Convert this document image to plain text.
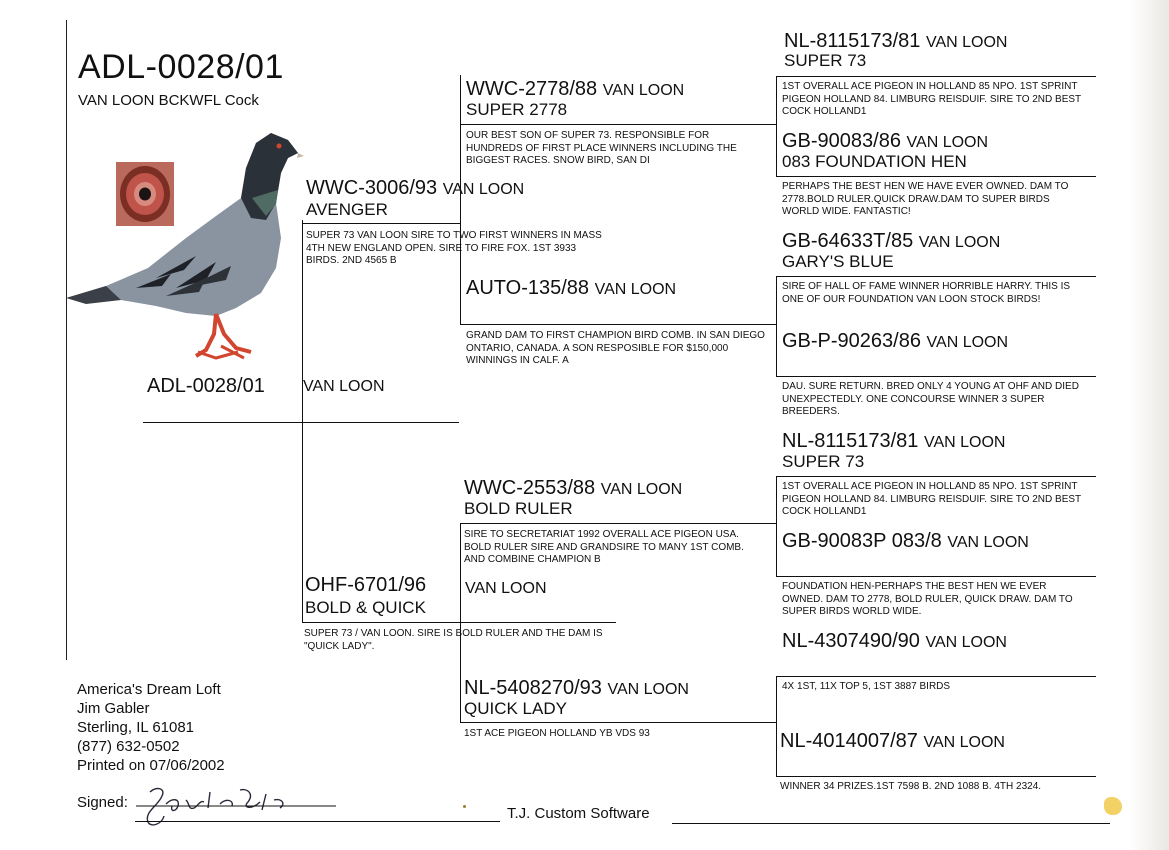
ADL-0028/01
VAN LOON BCKWFL Cock
ADL-0028/01 VAN LOON
WWC-3006/93 VAN LOON
AVENGER
SUPER 73 VAN LOON SIRE TO TWO FIRST WINNERS IN MASS 4TH NEW ENGLAND OPEN. SIRE TO FIRE FOX. 1ST 3933 BIRDS. 2ND 4565 B
OHF-6701/96
BOLD & QUICK
SUPER 73 / VAN LOON. SIRE IS BOLD RULER AND THE DAM IS "QUICK LADY".
WWC-2778/88 VAN LOON
SUPER 2778
OUR BEST SON OF SUPER 73. RESPONSIBLE FOR HUNDREDS OF FIRST PLACE WINNERS INCLUDING THE BIGGEST RACES. SNOW BIRD, SAN DI
AUTO-135/88 VAN LOON
GRAND DAM TO FIRST CHAMPION BIRD COMB. IN SAN DIEGO ONTARIO, CANADA. A SON RESPOSIBLE FOR $150,000 WINNINGS IN CALF. A
WWC-2553/88 VAN LOON
BOLD RULER
SIRE TO SECRETARIAT 1992 OVERALL ACE PIGEON USA. BOLD RULER SIRE AND GRANDSIRE TO MANY 1ST COMB. AND COMBINE CHAMPION B
VAN LOON
NL-5408270/93 VAN LOON
QUICK LADY
1ST ACE PIGEON HOLLAND YB VDS 93
NL-8115173/81 VAN LOON
SUPER 73
1ST OVERALL ACE PIGEON IN HOLLAND 85 NPO. 1ST SPRINT PIGEON HOLLAND 84. LIMBURG REISDUIF. SIRE TO 2ND BEST COCK HOLLAND1
GB-90083/86 VAN LOON
083 FOUNDATION HEN
PERHAPS THE BEST HEN WE HAVE EVER OWNED. DAM TO 2778.BOLD RULER.QUICK DRAW.DAM TO SUPER BIRDS WORLD WIDE. FANTASTIC!
GB-64633T/85 VAN LOON
GARY'S BLUE
SIRE OF HALL OF FAME WINNER HORRIBLE HARRY. THIS IS ONE OF OUR FOUNDATION VAN LOON STOCK BIRDS!
GB-P-90263/86 VAN LOON
DAU. SURE RETURN. BRED ONLY 4 YOUNG AT OHF AND DIED UNEXPECTEDLY. ONE CONCOURSE WINNER 3 SUPER BREEDERS.
NL-8115173/81 VAN LOON
SUPER 73
1ST OVERALL ACE PIGEON IN HOLLAND 85 NPO. 1ST SPRINT PIGEON HOLLAND 84. LIMBURG REISDUIF. SIRE TO 2ND BEST COCK HOLLAND1
GB-90083P 083/8 VAN LOON
FOUNDATION HEN-PERHAPS THE BEST HEN WE EVER OWNED. DAM TO 2778, BOLD RULER, QUICK DRAW. DAM TO SUPER BIRDS WORLD WIDE.
NL-4307490/90 VAN LOON
4X 1ST, 11X TOP 5, 1ST 3887 BIRDS
NL-4014007/87 VAN LOON
WINNER 34 PRIZES.1ST 7598 B. 2ND 1088 B. 4TH 2324.
America's Dream Loft
Jim Gabler
Sterling, IL 61081
(877) 632-0502
Printed on 07/06/2002
Signed:
T.J. Custom Software
